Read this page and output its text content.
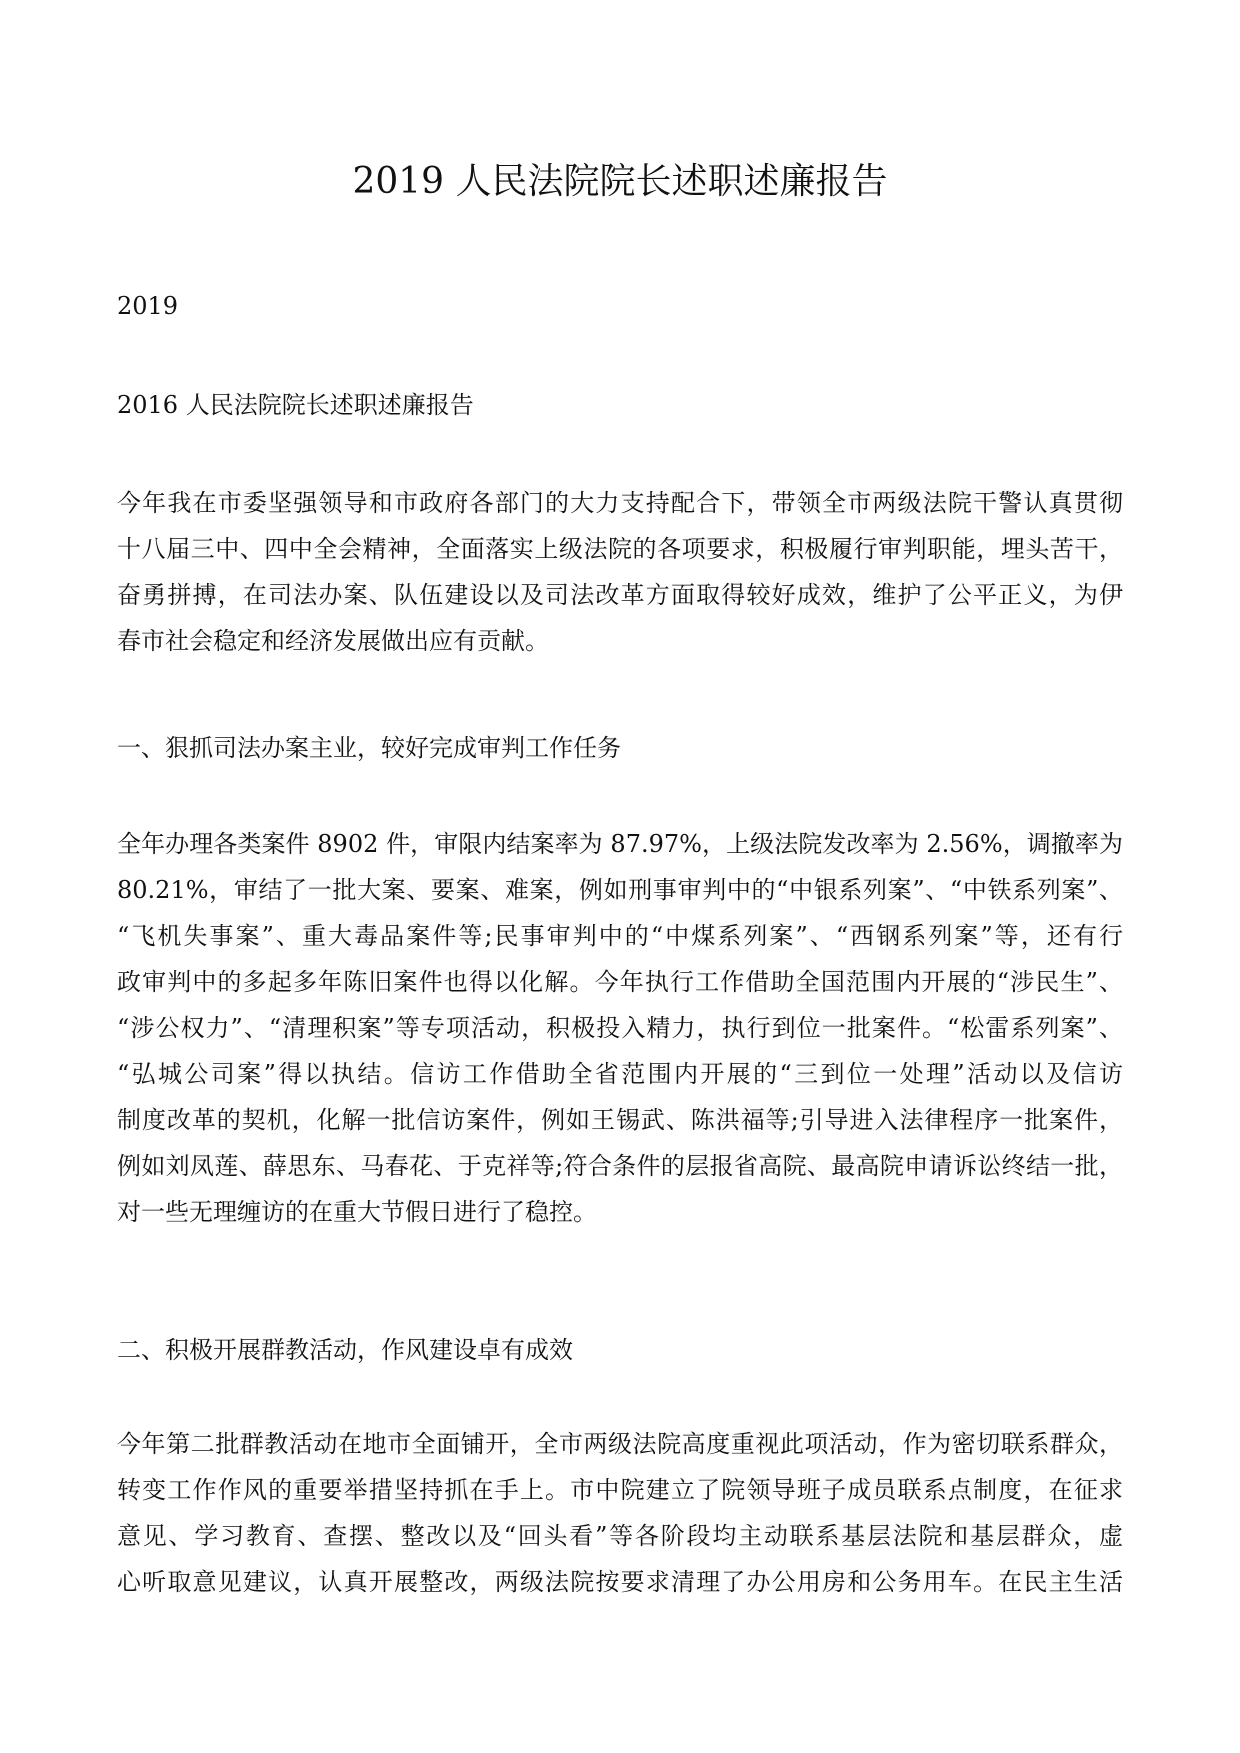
2019 人民法院院长述职述廉报告

2019

2016 人民法院院长述职述廉报告

今年我在市委坚强领导和市政府各部门的大力支持配合下，带领全市两级法院干警认真贯彻
十八届三中、四中全会精神，全面落实上级法院的各项要求，积极履行审判职能，埋头苦干，
奋勇拼搏，在司法办案、队伍建设以及司法改革方面取得较好成效，维护了公平正义，为伊
春市社会稳定和经济发展做出应有贡献。

一、狠抓司法办案主业，较好完成审判工作任务

全年办理各类案件 8902 件，审限内结案率为 87.97%，上级法院发改率为 2.56%，调撤率为
80.21%，审结了一批大案、要案、难案，例如刑事审判中的“中银系列案”、“中铁系列案”、
“飞机失事案”、重大毒品案件等;民事审判中的“中煤系列案”、“西钢系列案”等，还有行
政审判中的多起多年陈旧案件也得以化解。今年执行工作借助全国范围内开展的“涉民生”、
“涉公权力”、“清理积案”等专项活动，积极投入精力，执行到位一批案件。“松雷系列案”、
“弘城公司案”得以执结。信访工作借助全省范围内开展的“三到位一处理”活动以及信访
制度改革的契机，化解一批信访案件，例如王锡武、陈洪福等;引导进入法律程序一批案件，
例如刘凤莲、薛思东、马春花、于克祥等;符合条件的层报省高院、最高院申请诉讼终结一批，
对一些无理缠访的在重大节假日进行了稳控。

二、积极开展群教活动，作风建设卓有成效

今年第二批群教活动在地市全面铺开，全市两级法院高度重视此项活动，作为密切联系群众，
转变工作作风的重要举措坚持抓在手上。市中院建立了院领导班子成员联系点制度，在征求
意见、学习教育、查摆、整改以及“回头看”等各阶段均主动联系基层法院和基层群众，虚
心听取意见建议，认真开展整改，两级法院按要求清理了办公用房和公务用车。在民主生活
